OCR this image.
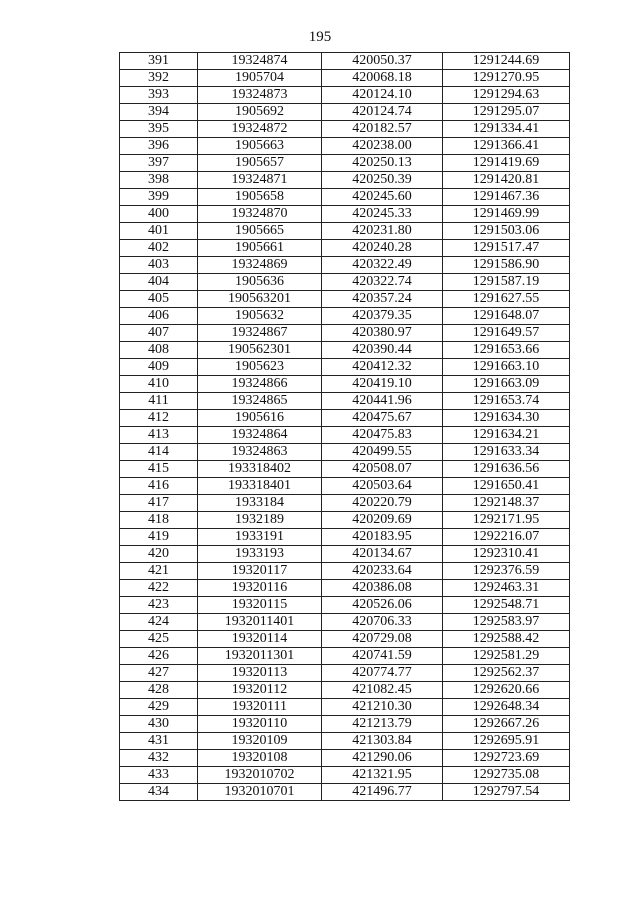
195
391	19324874	420050.37	1291244.69
392	1905704	420068.18	1291270.95
393	19324873	420124.10	1291294.63
394	1905692	420124.74	1291295.07
395	19324872	420182.57	1291334.41
396	1905663	420238.00	1291366.41
397	1905657	420250.13	1291419.69
398	19324871	420250.39	1291420.81
399	1905658	420245.60	1291467.36
400	19324870	420245.33	1291469.99
401	1905665	420231.80	1291503.06
402	1905661	420240.28	1291517.47
403	19324869	420322.49	1291586.90
404	1905636	420322.74	1291587.19
405	190563201	420357.24	1291627.55
406	1905632	420379.35	1291648.07
407	19324867	420380.97	1291649.57
408	190562301	420390.44	1291653.66
409	1905623	420412.32	1291663.10
410	19324866	420419.10	1291663.09
411	19324865	420441.96	1291653.74
412	1905616	420475.67	1291634.30
413	19324864	420475.83	1291634.21
414	19324863	420499.55	1291633.34
415	193318402	420508.07	1291636.56
416	193318401	420503.64	1291650.41
417	1933184	420220.79	1292148.37
418	1932189	420209.69	1292171.95
419	1933191	420183.95	1292216.07
420	1933193	420134.67	1292310.41
421	19320117	420233.64	1292376.59
422	19320116	420386.08	1292463.31
423	19320115	420526.06	1292548.71
424	1932011401	420706.33	1292583.97
425	19320114	420729.08	1292588.42
426	1932011301	420741.59	1292581.29
427	19320113	420774.77	1292562.37
428	19320112	421082.45	1292620.66
429	19320111	421210.30	1292648.34
430	19320110	421213.79	1292667.26
431	19320109	421303.84	1292695.91
432	19320108	421290.06	1292723.69
433	1932010702	421321.95	1292735.08
434	1932010701	421496.77	1292797.54
